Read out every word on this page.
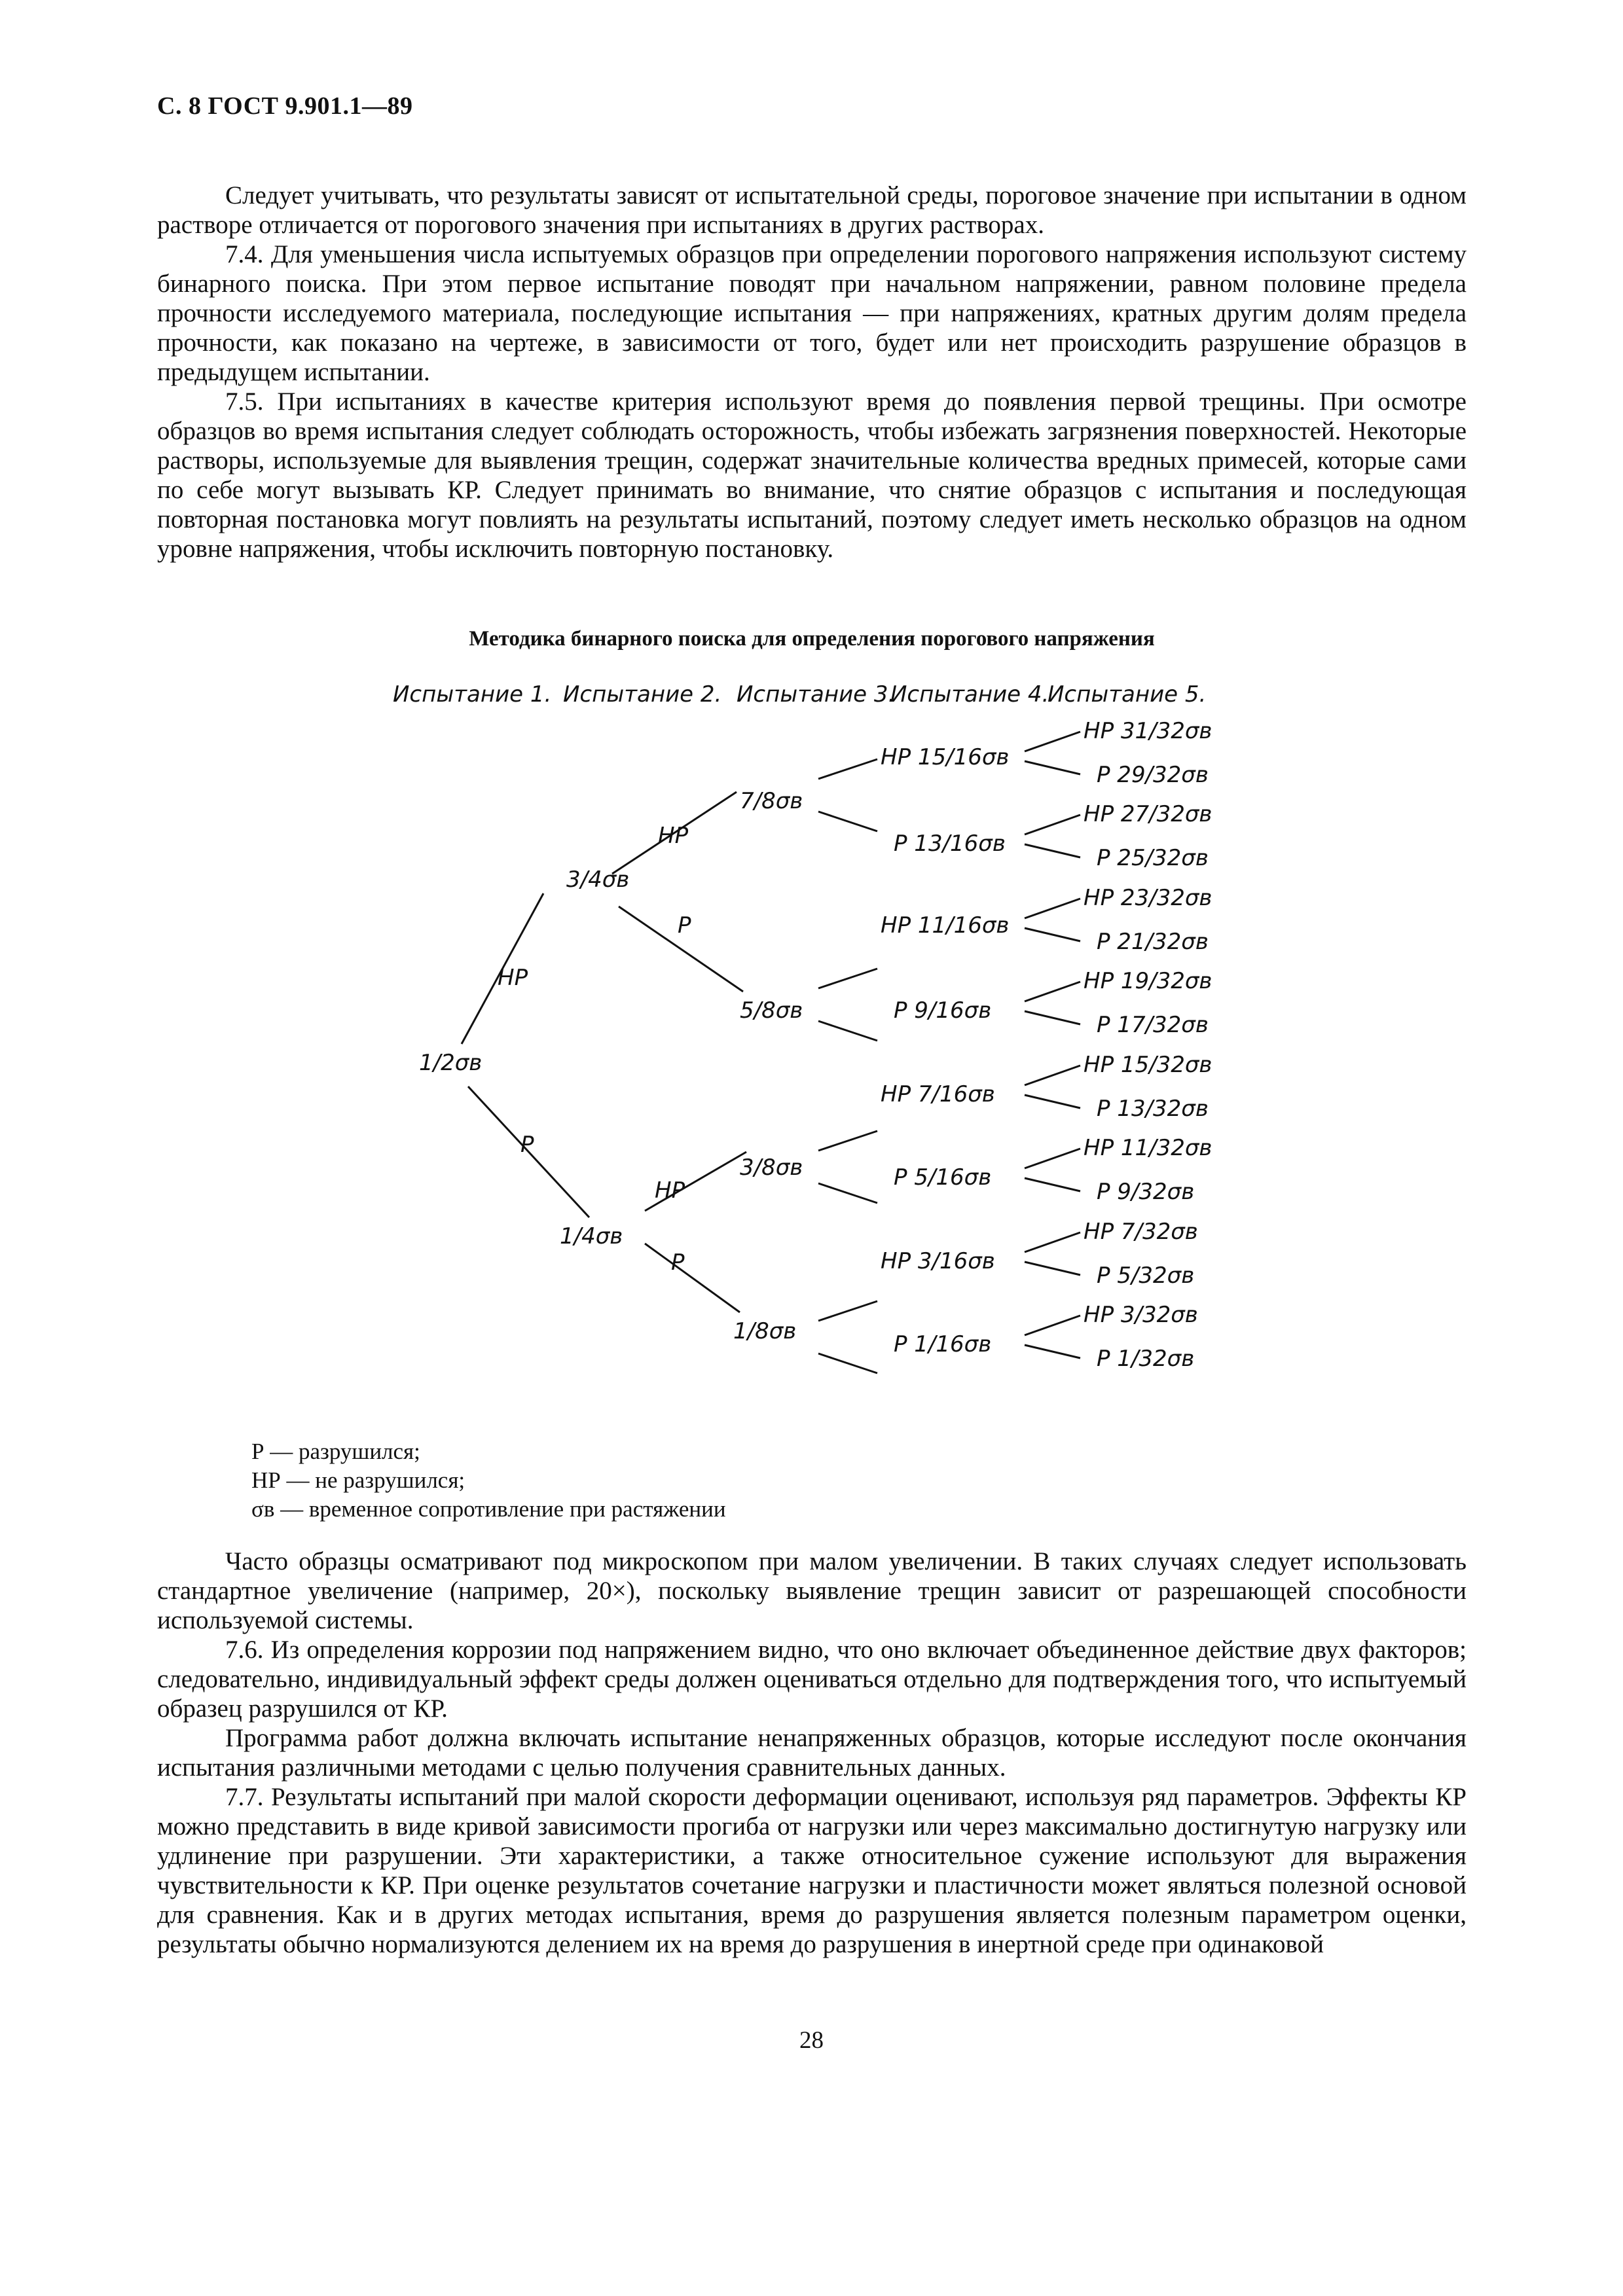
С. 8 ГОСТ 9.901.1—89

Следует учитывать, что результаты зависят от испытательной среды, пороговое значение при испытании в одном растворе отличается от порогового значения при испытаниях в других растворах.

7.4. Для уменьшения числа испытуемых образцов при определении порогового напряжения используют систему бинарного поиска. При этом первое испытание поводят при начальном напряжении, равном половине предела прочности исследуемого материала, последующие испытания — при напряжениях, кратных другим долям предела прочности, как показано на чертеже, в зависимости от того, будет или нет происходить разрушение образцов в предыдущем испытании.

7.5. При испытаниях в качестве критерия используют время до появления первой трещины. При осмотре образцов во время испытания следует соблюдать осторожность, чтобы избежать загрязнения поверхностей. Некоторые растворы, используемые для выявления трещин, содержат значительные количества вредных примесей, которые сами по себе могут вызывать КР. Следует принимать во внимание, что снятие образцов с испытания и последующая повторная постановка могут повлиять на результаты испытаний, поэтому следует иметь несколько образцов на одном уровне напряжения, чтобы исключить повторную постановку.

Методика бинарного поиска для определения порогового напряжения
Испытание 1. Испытание 2. Испытание 3.
Испытание 4.
Испытание 5.
НР
Р
НР
Р
НР
Р
1/2σв
3/4σв
1/4σв
7/8σв
5/8σв
3/8σв
1/8σв
НР 15/16σв
Р 13/16σв
НР 11/16σв
Р 9/16σв
НР 7/16σв
Р 5/16σв
НР 3/16σв
Р 1/16σв
НР 31/32σв
Р 29/32σв
НР 27/32σв
Р 25/32σв
НР 23/32σв
Р 21/32σв
НР 19/32σв
Р 17/32σв
НР 15/32σв
Р 13/32σв
НР 11/32σв
Р 9/32σв
НР 7/32σв
Р 5/32σв
НР 3/32σв
Р 1/32σв
Р — разрушился;
НР — не разрушился;
σв — временное сопротивление при растяжении

Часто образцы осматривают под микроскопом при малом увеличении. В таких случаях следует использовать стандартное увеличение (например, 20×), поскольку выявление трещин зависит от разрешающей способности используемой системы.

7.6. Из определения коррозии под напряжением видно, что оно включает объединенное действие двух факторов; следовательно, индивидуальный эффект среды должен оцениваться отдельно для подтверждения того, что испытуемый образец разрушился от КР.

Программа работ должна включать испытание ненапряженных образцов, которые исследуют после окончания испытания различными методами с целью получения сравнительных данных.

7.7. Результаты испытаний при малой скорости деформации оценивают, используя ряд параметров. Эффекты КР можно представить в виде кривой зависимости прогиба от нагрузки или через максимально достигнутую нагрузку или удлинение при разрушении. Эти характеристики, а также относительное сужение используют для выражения чувствительности к КР. При оценке результатов сочетание нагрузки и пластичности может являться полезной основой для сравнения. Как и в других методах испытания, время до разрушения является полезным параметром оценки, результаты обычно нормализуются делением их на время до разрушения в инертной среде при одинаковой

28
